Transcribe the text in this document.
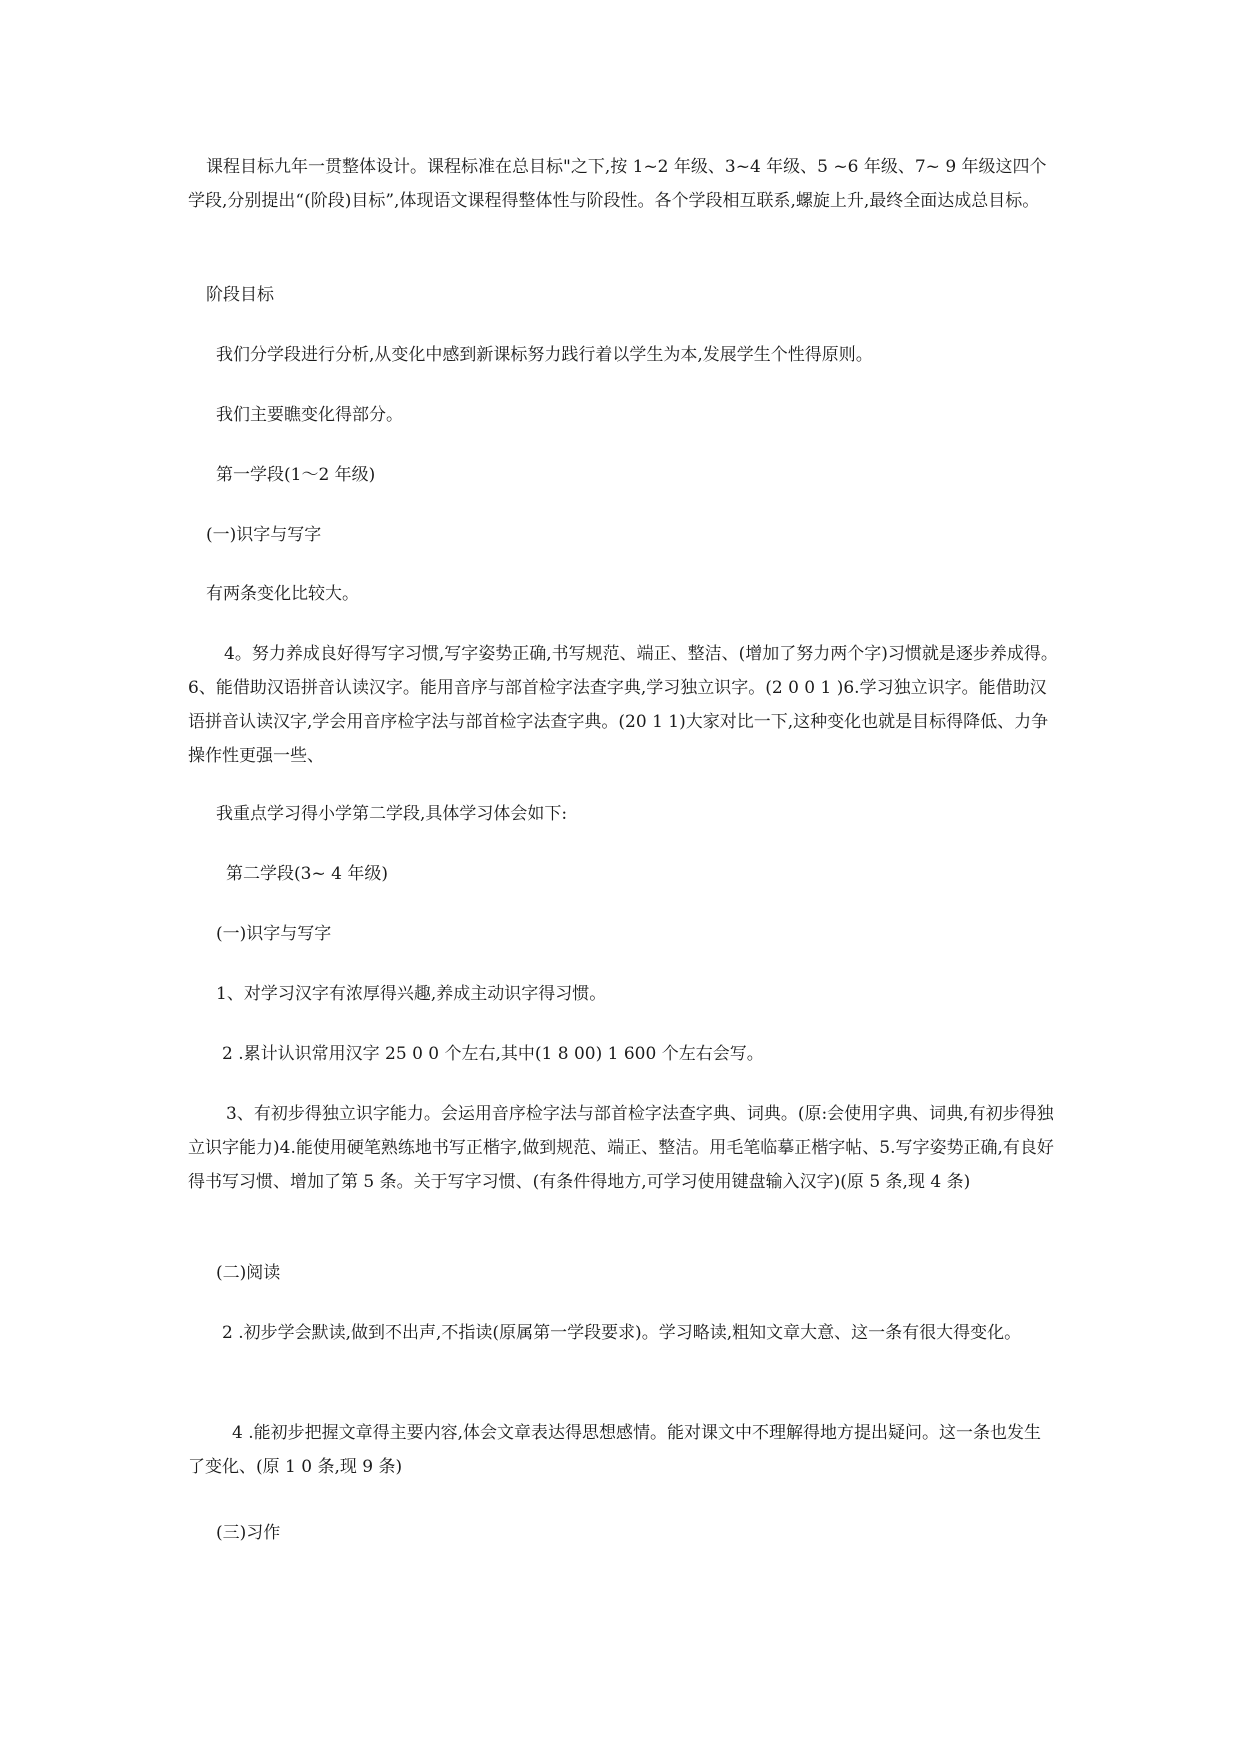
课程目标九年一贯整体设计。课程标准在总目标"之下,按 1~2 年级、3~4 年级、5 ~6 年级、7~ 9 年级这四个学段,分别提出“(阶段)目标”,体现语文课程得整体性与阶段性。各个学段相互联系,螺旋上升,最终全面达成总目标。

阶段目标

我们分学段进行分析,从变化中感到新课标努力践行着以学生为本,发展学生个性得原则。

我们主要瞧变化得部分。

第一学段(1～2 年级)

(一)识字与写字

有两条变化比较大。

4。努力养成良好得写字习惯,写字姿势正确,书写规范、端正、整洁、(增加了努力两个字)习惯就是逐步养成得。6、能借助汉语拼音认读汉字。能用音序与部首检字法查字典,学习独立识字。(2 0 0 1 )6.学习独立识字。能借助汉语拼音认读汉字,学会用音序检字法与部首检字法查字典。(20 1 1)大家对比一下,这种变化也就是目标得降低、力争操作性更强一些、

我重点学习得小学第二学段,具体学习体会如下:

第二学段(3~ 4 年级)

(一)识字与写字

1、对学习汉字有浓厚得兴趣,养成主动识字得习惯。

2 .累计认识常用汉字 25 0 0 个左右,其中(1 8 00) 1 600 个左右会写。

3、有初步得独立识字能力。会运用音序检字法与部首检字法查字典、词典。(原:会使用字典、词典,有初步得独立识字能力)4.能使用硬笔熟练地书写正楷字,做到规范、端正、整洁。用毛笔临摹正楷字帖、5.写字姿势正确,有良好得书写习惯、增加了第 5 条。关于写字习惯、(有条件得地方,可学习使用键盘输入汉字)(原 5 条,现 4 条)

(二)阅读

2 .初步学会默读,做到不出声,不指读(原属第一学段要求)。学习略读,粗知文章大意、这一条有很大得变化。

4 .能初步把握文章得主要内容,体会文章表达得思想感情。能对课文中不理解得地方提出疑问。这一条也发生了变化、(原 1 0 条,现 9 条)

(三)习作
